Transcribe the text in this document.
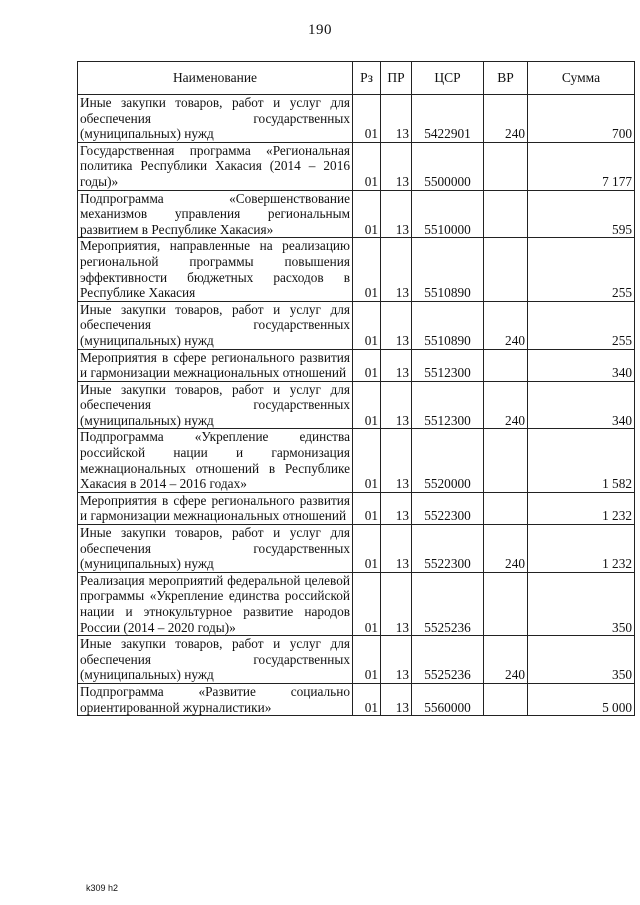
190
Наименование	Рз	ПР	ЦСР	ВР	Сумма
Иные закупки товаров, работ и услуг для обеспечения государственных (муниципальных) нужд	01	13	5422901	240	700
Государственная программа «Региональная политика Республики Хакасия (2014 – 2016 годы)»	01	13	5500000		7 177
Подпрограмма «Совершенствование механизмов управления региональным развитием в Республике Хакасия»	01	13	5510000		595
Мероприятия, направленные на реализацию региональной программы повышения эффективности бюджетных расходов в Республике Хакасия	01	13	5510890		255
Иные закупки товаров, работ и услуг для обеспечения государственных (муниципальных) нужд	01	13	5510890	240	255
Мероприятия в сфере регионального развития и гармонизации межнациональных отношений	01	13	5512300		340
Иные закупки товаров, работ и услуг для обеспечения государственных (муниципальных) нужд	01	13	5512300	240	340
Подпрограмма «Укрепление единства российской нации и гармонизация межнациональных отношений в Республике Хакасия в 2014 – 2016 годах»	01	13	5520000		1 582
Мероприятия в сфере регионального развития и гармонизации межнациональных отношений	01	13	5522300		1 232
Иные закупки товаров, работ и услуг для обеспечения государственных (муниципальных) нужд	01	13	5522300	240	1 232
Реализация мероприятий федеральной целевой программы «Укрепление единства российской нации и этнокультурное развитие народов России (2014 – 2020 годы)»	01	13	5525236		350
Иные закупки товаров, работ и услуг для обеспечения государственных (муниципальных) нужд	01	13	5525236	240	350
Подпрограмма «Развитие социально ориентированной журналистики»	01	13	5560000		5 000
k309 h2
